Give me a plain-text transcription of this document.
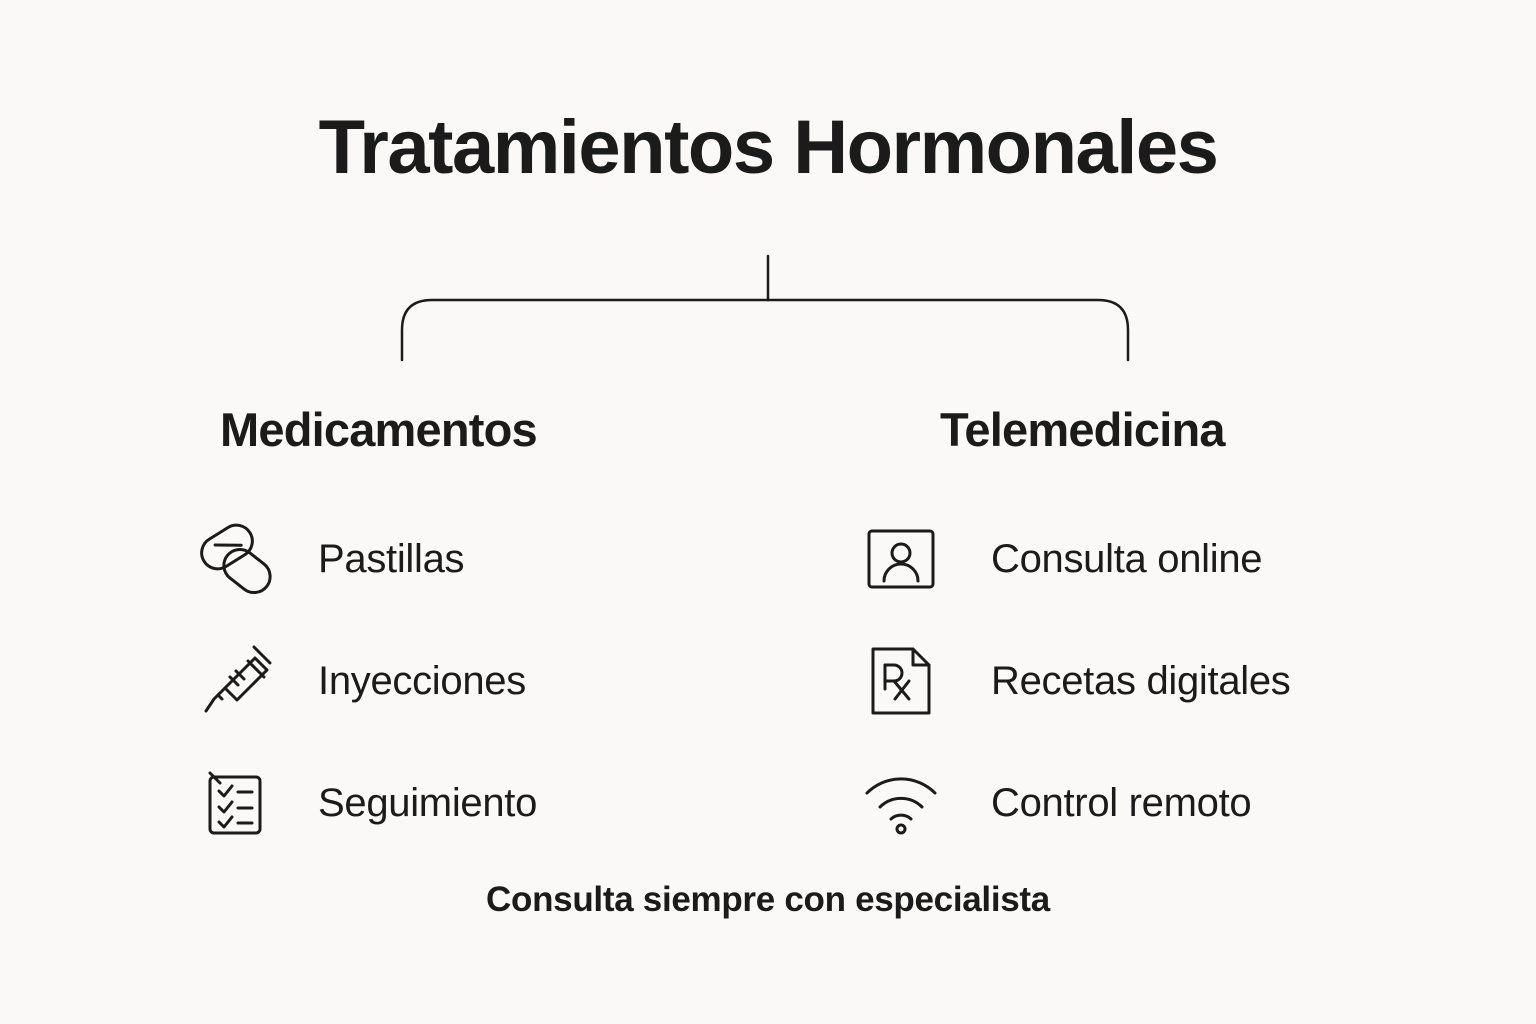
Tratamientos Hormonales
Medicamentos	Telemedicina
Pastillas
Inyecciones
Seguimiento
Consulta online
Recetas digitales
Control remoto
Consulta siempre con especialista
